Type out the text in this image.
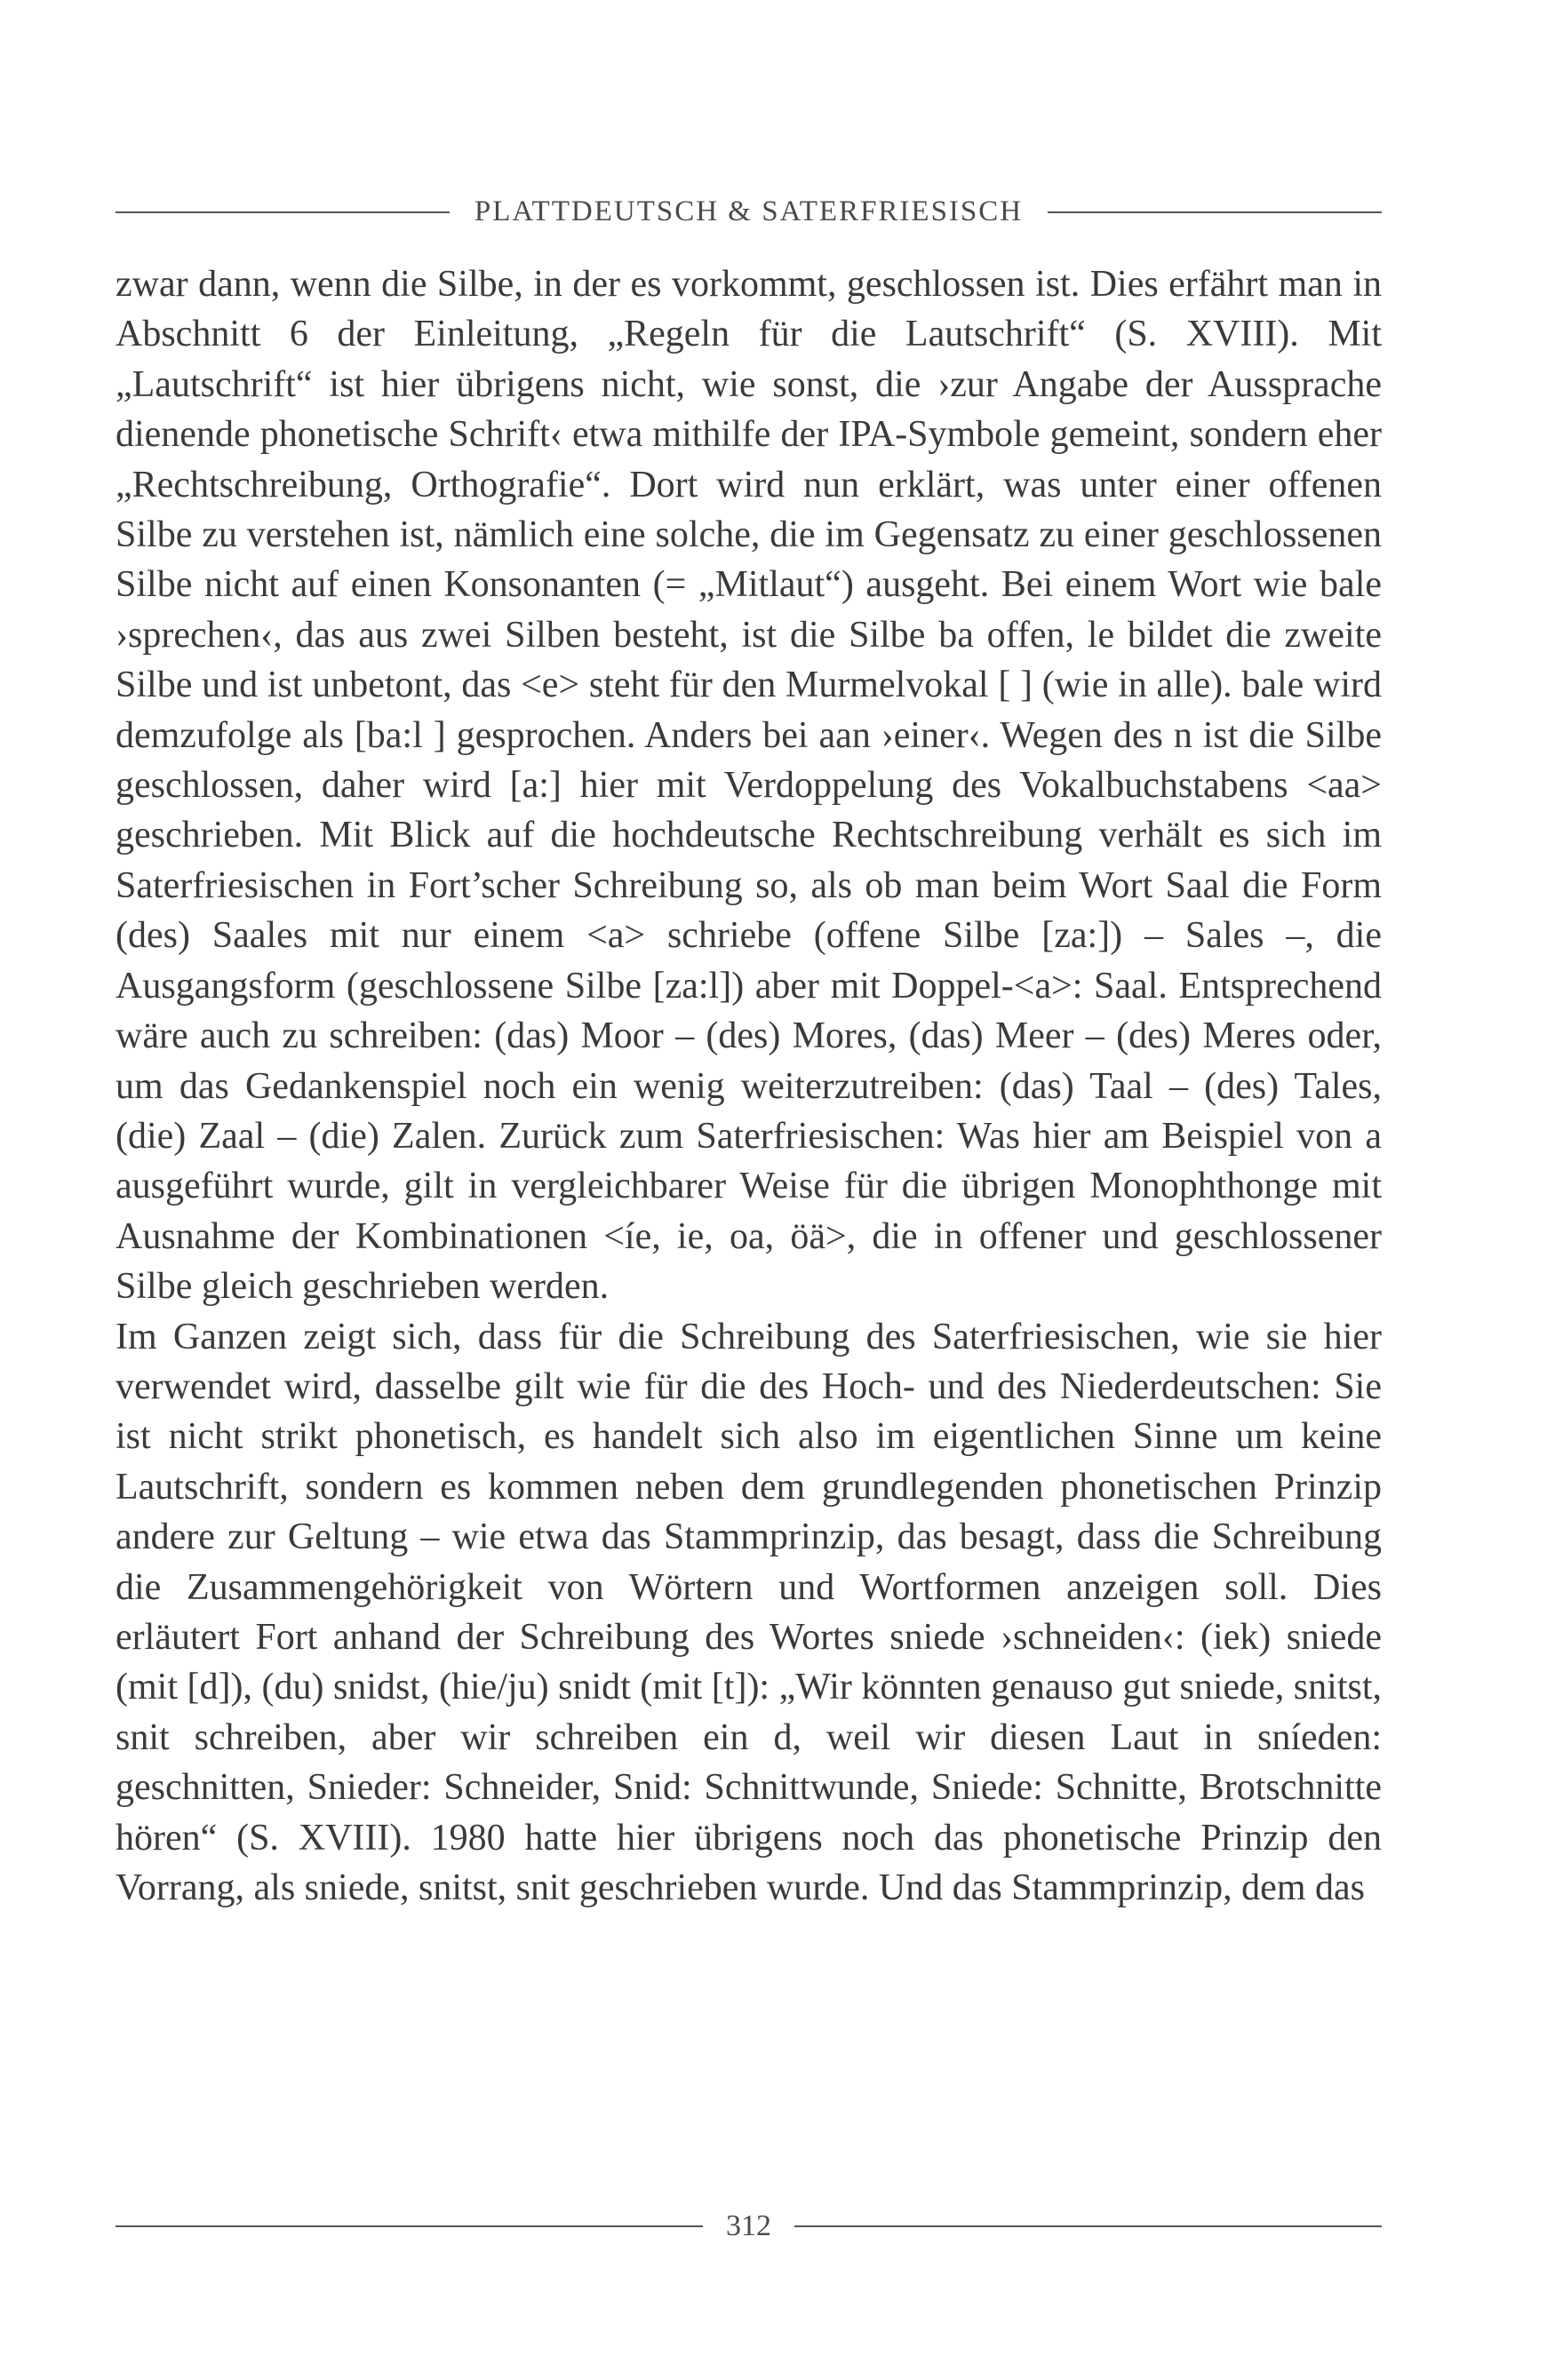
PLATTDEUTSCH & SATERFRIESISCH

zwar dann, wenn die Silbe, in der es vorkommt, geschlossen ist. Dies erfährt man in Abschnitt 6 der Einleitung, „Regeln für die Lautschrift“ (S. XVIII). Mit „Lautschrift“ ist hier übrigens nicht, wie sonst, die ›zur Angabe der Aussprache dienende phonetische Schrift‹ etwa mithilfe der IPA-Symbole gemeint, sondern eher „Rechtschreibung, Orthografie“. Dort wird nun erklärt, was unter einer offenen Silbe zu verstehen ist, nämlich eine solche, die im Gegensatz zu einer geschlossenen Silbe nicht auf einen Konsonanten (= „Mitlaut“) ausgeht. Bei einem Wort wie bale ›sprechen‹, das aus zwei Silben besteht, ist die Silbe ba offen, le bildet die zweite Silbe und ist unbetont, das <e> steht für den Murmelvokal [ ] (wie in alle). bale wird demzufolge als [ba:l ] gesprochen. Anders bei aan ›einer‹. Wegen des n ist die Silbe geschlossen, daher wird [a:] hier mit Verdoppelung des Vokalbuchstabens <aa> geschrieben. Mit Blick auf die hochdeutsche Rechtschreibung verhält es sich im Saterfriesischen in Fort’scher Schreibung so, als ob man beim Wort Saal die Form (des) Saales mit nur einem <a> schriebe (offene Silbe [za:]) – Sales –, die Ausgangsform (geschlossene Silbe [za:l]) aber mit Doppel-<a>: Saal. Entsprechend wäre auch zu schreiben: (das) Moor – (des) Mores, (das) Meer – (des) Meres oder, um das Gedankenspiel noch ein wenig weiterzutreiben: (das) Taal – (des) Tales, (die) Zaal – (die) Zalen. Zurück zum Saterfriesischen: Was hier am Beispiel von a ausgeführt wurde, gilt in vergleichbarer Weise für die übrigen Monophthonge mit Ausnahme der Kombinationen <íe, ie, oa, öä>, die in offener und geschlossener Silbe gleich geschrieben werden.

Im Ganzen zeigt sich, dass für die Schreibung des Saterfriesischen, wie sie hier verwendet wird, dasselbe gilt wie für die des Hoch- und des Niederdeutschen: Sie ist nicht strikt phonetisch, es handelt sich also im eigentlichen Sinne um keine Lautschrift, sondern es kommen neben dem grundlegenden phonetischen Prinzip andere zur Geltung – wie etwa das Stammprinzip, das besagt, dass die Schreibung die Zusammengehörigkeit von Wörtern und Wortformen anzeigen soll. Dies erläutert Fort anhand der Schreibung des Wortes sniede ›schneiden‹: (iek) sniede (mit [d]), (du) snidst, (hie/ju) snidt (mit [t]): „Wir könnten genauso gut sniede, snitst, snit schreiben, aber wir schreiben ein d, weil wir diesen Laut in sníeden: geschnitten, Snieder: Schneider, Snid: Schnittwunde, Sniede: Schnitte, Brotschnitte hören“ (S. XVIII). 1980 hatte hier übrigens noch das phonetische Prinzip den Vorrang, als sniede, snitst, snit geschrieben wurde. Und das Stammprinzip, dem das

312
